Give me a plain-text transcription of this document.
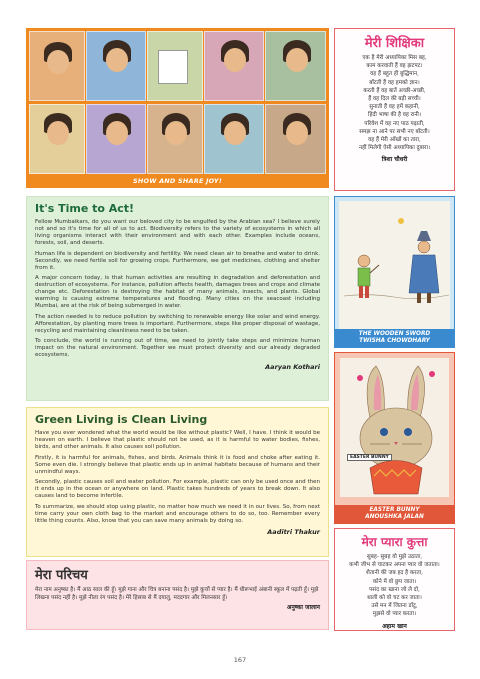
SHOW AND SHARE JOY!
मेरी शिक्षिका
एक है मेरी अध्यापिका मिस बह,
काम करवाती हैं वह झटपट।
वह हैं बहुत ही बुद्धिमान,
बाँटती हैं वह हमको ज्ञान।
करती हैं वह बातें अच्छी-अच्छी,
हैं वह दिल की बड़ी सच्ची।
सुनाती हैं वह हमें कहानी,
हिंदी भाषा की है वह रानी।
परिवेश में वह नए पाठ पढ़ाती,
समझ ना आने पर सभी नए बाँटती।
वह हैं मेरी आँखों का तारा,
नहीं मिलेगी ऐसी अध्यापिका दुबारा।
त्रिशा चौधरी
It's Time to Act!

Fellow Mumbaikars, do you want our beloved city to be engulfed by the Arabian sea? I believe surely not and so it's time for all of us to act. Biodiversity refers to the variety of ecosystems in which all living organisms interact with their environment and with each other. Examples include oceans, forests, soil, and deserts.

Human life is dependent on biodiversity and fertility. We need clean air to breathe and water to drink. Secondly, we need fertile soil for growing crops. Furthermore, we get medicines, clothing and shelter from it.

A major concern today, is that human activities are resulting in degradation and deforestation and destruction of ecosystems. For instance, pollution affects health, damages trees and crops and climate change etc. Deforestation is destroying the habitat of many animals, insects, and plants. Global warming is causing extreme temperatures and flooding. Many cities on the seacoast including Mumbai, are at the risk of being submerged in water.

The action needed is to reduce pollution by switching to renewable energy like solar and wind energy. Afforestation, by planting more trees is important. Furthermore, steps like proper disposal of wastage, recycling and maintaining cleanliness need to be taken.

To conclude, the world is running out of time, we need to jointly take steps and minimize human impact on the natural environment. Together we must protect diversity and our already degraded ecosystems.

Aaryan Kothari
THE WOODEN SWORD
TWISHA CHOWDHARY
Green Living is Clean Living

Have you ever wondered what the world would be like without plastic? Well, I have. I think it would be heaven on earth. I believe that plastic should not be used, as it is harmful to water bodies, fishes, birds, and other animals. It also causes soil pollution.

Firstly, it is harmful for animals, fishes, and birds. Animals think it is food and choke after eating it. Some even die. I strongly believe that plastic ends up in animal habitats because of humans and their unmindful ways.

Secondly, plastic causes soil and water pollution. For example, plastic can only be used once and then it ends up in the ocean or anywhere on land. Plastic takes hundreds of years to break down. It also causes land to become infertile.

To summarize, we should stop using plastic, no matter how much we need it in our lives. So, from next time carry your own cloth bag to the market and encourage others to do so, too. Remember every little thing counts. Also, know that you can save many animals by doing so.

Aaditri Thakur
EASTER BUNNY
EASTER BUNNY
ANOUSHKA JALAN
मेरा परिचय

मेरा नाम अनुष्का है। मैं आठ साल की हूँ। मुझे गाना और चित्र बनाना पसंद है। मुझे कुत्तों से प्यार है। मैं धीरूभाई अंबानी स्कूल में पढ़ती हूँ। मुझे लिखना पसंद नहीं है। मुझे नीला रंग पसंद है। मेरे हिसाब से मैं दयालु, मददगार और मिलनसार हूँ।

अनुष्का जालान
मेरा प्यारा कुत्ता
सुबह- सुबह वो मुझे उठाता,
कभी जीभ से चाटकर अपना प्यार वो जताता।
शैतानी की जब हद है करता,
कोने में वो छुप जाता।
पसंद का खाना जो ले दो,
थाली को वो चट कर जाता।
उसे मन में जितना डाँटू,
मुझसे वो प्यार करता।
अहाम खान
167
